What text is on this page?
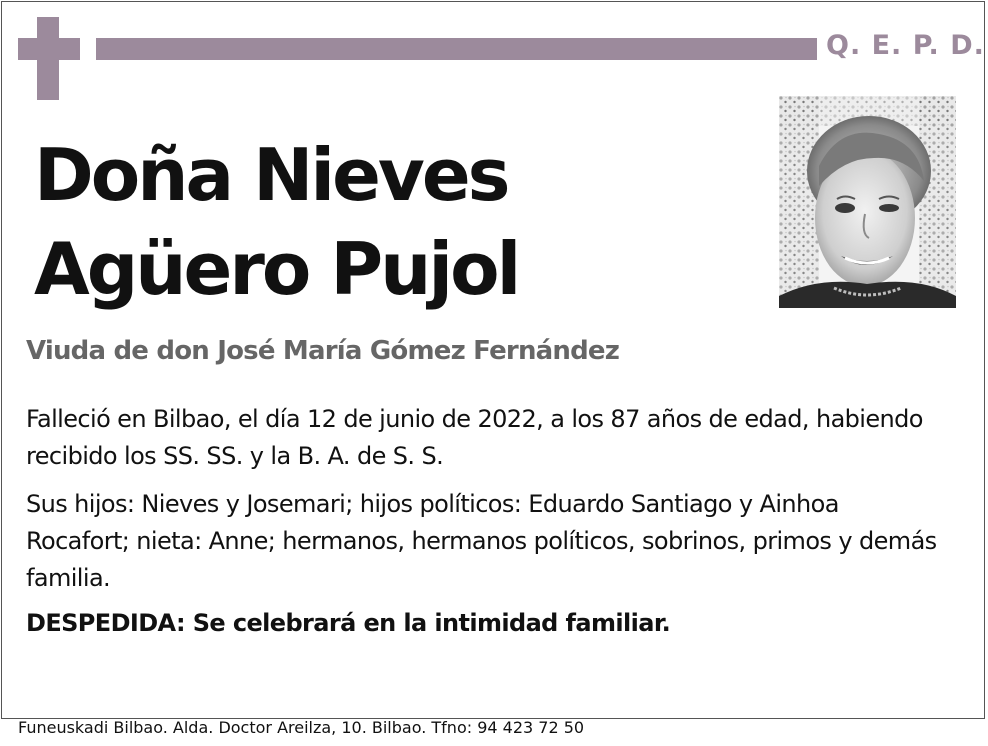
Q. E. P. D.
Doña Nieves
Agüero Pujol
Viuda de don José María Gómez Fernández
Falleció en Bilbao, el día 12 de junio de 2022, a los 87 años de edad, habiendo recibido los SS. SS. y la B. A. de S. S.
Sus hijos: Nieves y Josemari; hijos políticos: Eduardo Santiago y Ainhoa Rocafort; nieta: Anne; hermanos, hermanos políticos, sobrinos, primos y demás familia.
DESPEDIDA: Se celebrará en la intimidad familiar.
Funeuskadi Bilbao. Alda. Doctor Areilza, 10. Bilbao. Tfno: 94 423 72 50
